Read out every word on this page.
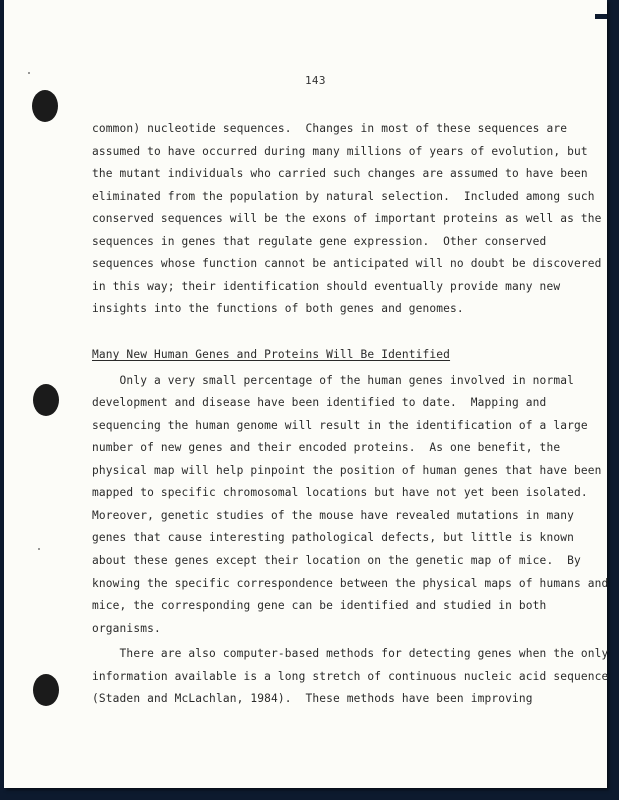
143
common) nucleotide sequences.  Changes in most of these sequences are
assumed to have occurred during many millions of years of evolution, but
the mutant individuals who carried such changes are assumed to have been
eliminated from the population by natural selection.  Included among such
conserved sequences will be the exons of important proteins as well as the
sequences in genes that regulate gene expression.  Other conserved
sequences whose function cannot be anticipated will no doubt be discovered
in this way; their identification should eventually provide many new
insights into the functions of both genes and genomes.
Many New Human Genes and Proteins Will Be Identified
Only a very small percentage of the human genes involved in normal
development and disease have been identified to date.  Mapping and
sequencing the human genome will result in the identification of a large
number of new genes and their encoded proteins.  As one benefit, the
physical map will help pinpoint the position of human genes that have been
mapped to specific chromosomal locations but have not yet been isolated.
Moreover, genetic studies of the mouse have revealed mutations in many
genes that cause interesting pathological defects, but little is known
about these genes except their location on the genetic map of mice.  By
knowing the specific correspondence between the physical maps of humans and
mice, the corresponding gene can be identified and studied in both
organisms.
There are also computer-based methods for detecting genes when the only
information available is a long stretch of continuous nucleic acid sequence
(Staden and McLachlan, 1984).  These methods have been improving
